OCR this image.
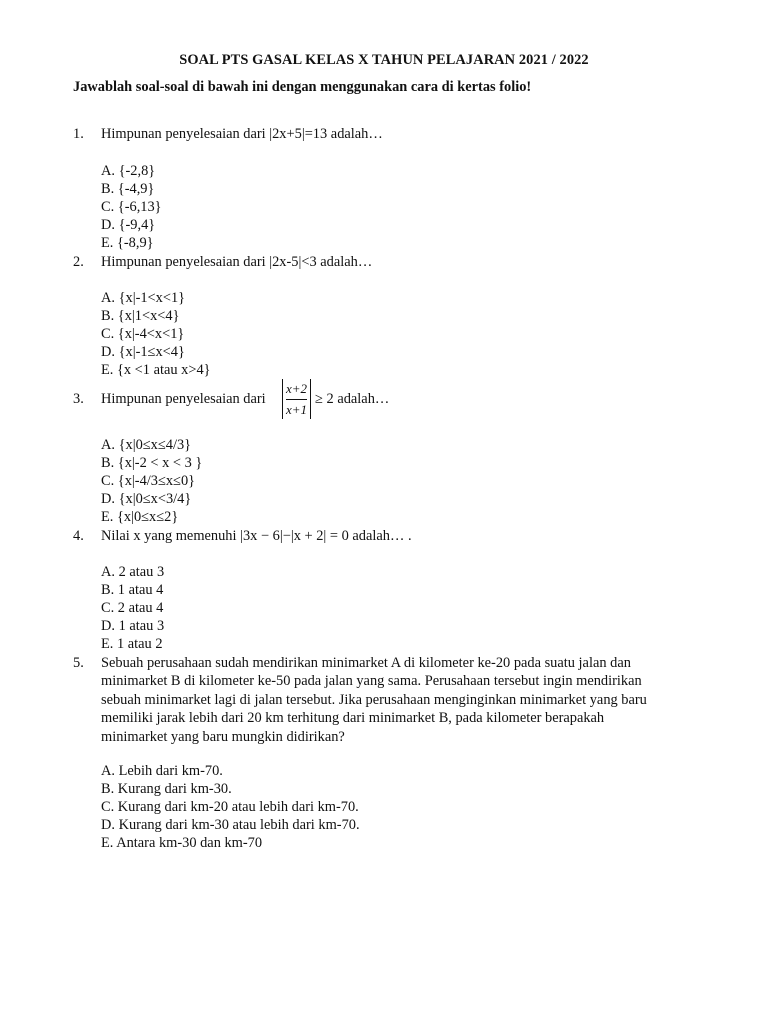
SOAL PTS GASAL KELAS X TAHUN PELAJARAN 2021 / 2022
Jawablah soal-soal di bawah ini dengan menggunakan cara di kertas folio!
1.	Himpunan penyelesaian dari |2x+5|=13 adalah…
A. {-2,8}
B. {-4,9}
C. {-6,13}
D. {-9,4}
E. {-8,9}
2.	Himpunan penyelesaian dari |2x-5|<3 adalah…
A. {x|-1<x<1}
B. {x|1<x<4}
C. {x|-4<x<1}
D. {x|-1≤x<4}
E. {x <1 atau x>4}
3.	Himpunan penyelesaian dari $\frac{x+2}{x+1} \ge 2$ adalah…
A. {x|0≤x≤4/3}
B. {x|-2 < x < 3 }
C. {x|-4/3≤x≤0}
D. {x|0≤x<3/4}
E. {x|0≤x≤2}
4.	Nilai x yang memenuhi |3x − 6|−|x + 2| = 0 adalah… .
A. 2 atau 3
B. 1 atau 4
C. 2 atau 4
D. 1 atau 3
E. 1 atau 2
5.	Sebuah perusahaan sudah mendirikan minimarket A di kilometer ke-20 pada suatu jalan dan
minimarket B di kilometer ke-50 pada jalan yang sama. Perusahaan tersebut ingin mendirikan
sebuah minimarket lagi di jalan tersebut. Jika perusahaan menginginkan minimarket yang baru
memiliki jarak lebih dari 20 km terhitung dari minimarket B, pada kilometer berapakah
minimarket yang baru mungkin didirikan?
A. Lebih dari km-70.
B. Kurang dari km-30.
C. Kurang dari km-20 atau lebih dari km-70.
D. Kurang dari km-30 atau lebih dari km-70.
E. Antara km-30 dan km-70
